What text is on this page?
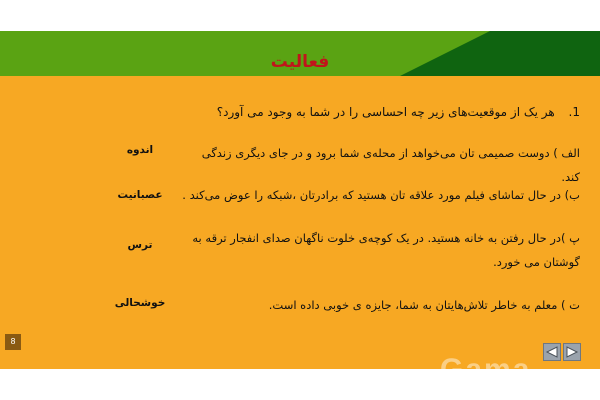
فعالیت
1. هر یک از موقعیت‌های زیر چه احساسی را در شما به وجود می آورد؟
الف ) دوست صمیمی تان می‌خواهد از محله‌ی شما برود و در جای دیگری زندگی کند.
اندوه
ب) در حال تماشای فیلم مورد علاقه تان هستید که برادرتان ،شبکه را عوض می‌کند .
عصبانیت
پ )در حال رفتن به خانه هستید. در یک کوچه‌ی خلوت ناگهان صدای انفجار ترقه به گوشتان می خورد.
ترس
ت ) معلم به خاطر تلاش‌هایتان به شما، جایزه ی خوبی داده است.
خوشحالی
8
Gama
